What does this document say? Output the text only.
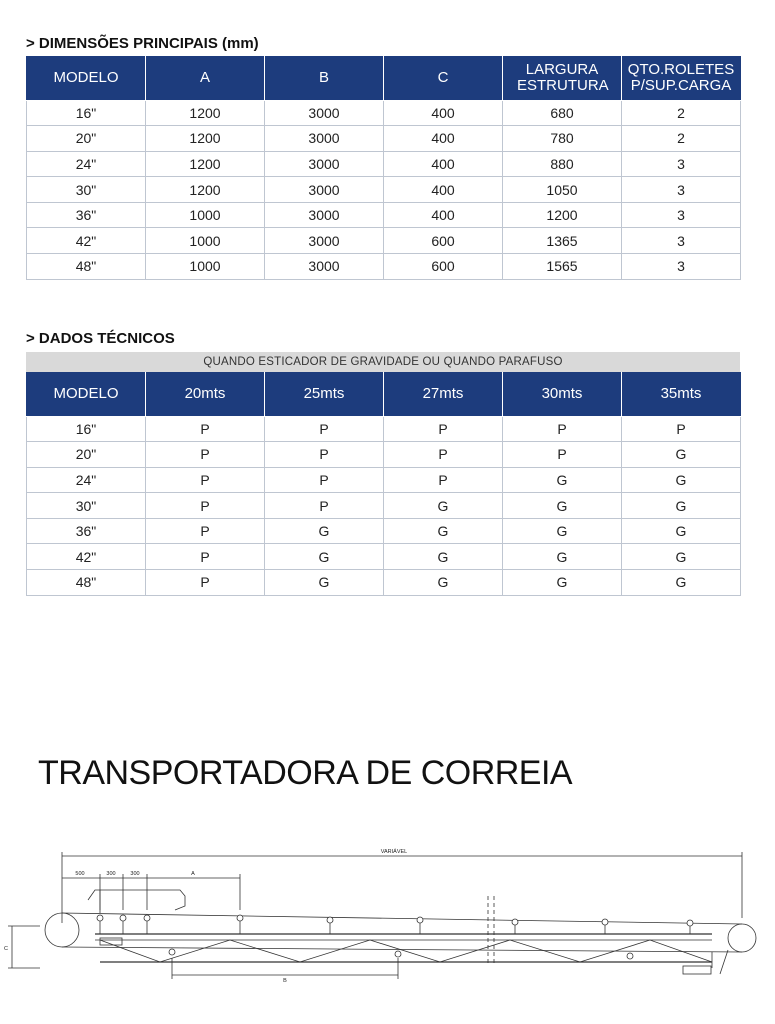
> DIMENSÕES PRINCIPAIS (mm)
MODELO	A	B	C	LARGURA ESTRUTURA	QTO.ROLETES P/SUP.CARGA
16"	1200	3000	400	680	2
20"	1200	3000	400	780	2
24"	1200	3000	400	880	3
30"	1200	3000	400	1050	3
36"	1000	3000	400	1200	3
42"	1000	3000	600	1365	3
48"	1000	3000	600	1565	3
> DADOS TÉCNICOS
QUANDO ESTICADOR DE GRAVIDADE OU QUANDO PARAFUSO
MODELO	20mts	25mts	27mts	30mts	35mts
16"	P	P	P	P	P
20"	P	P	P	P	G
24"	P	P	P	G	G
30"	P	P	G	G	G
36"	P	G	G	G	G
42"	P	G	G	G	G
48"	P	G	G	G	G
TRANSPORTADORA DE CORREIA
VARIÁVEL
500	300	300	A
B
C
